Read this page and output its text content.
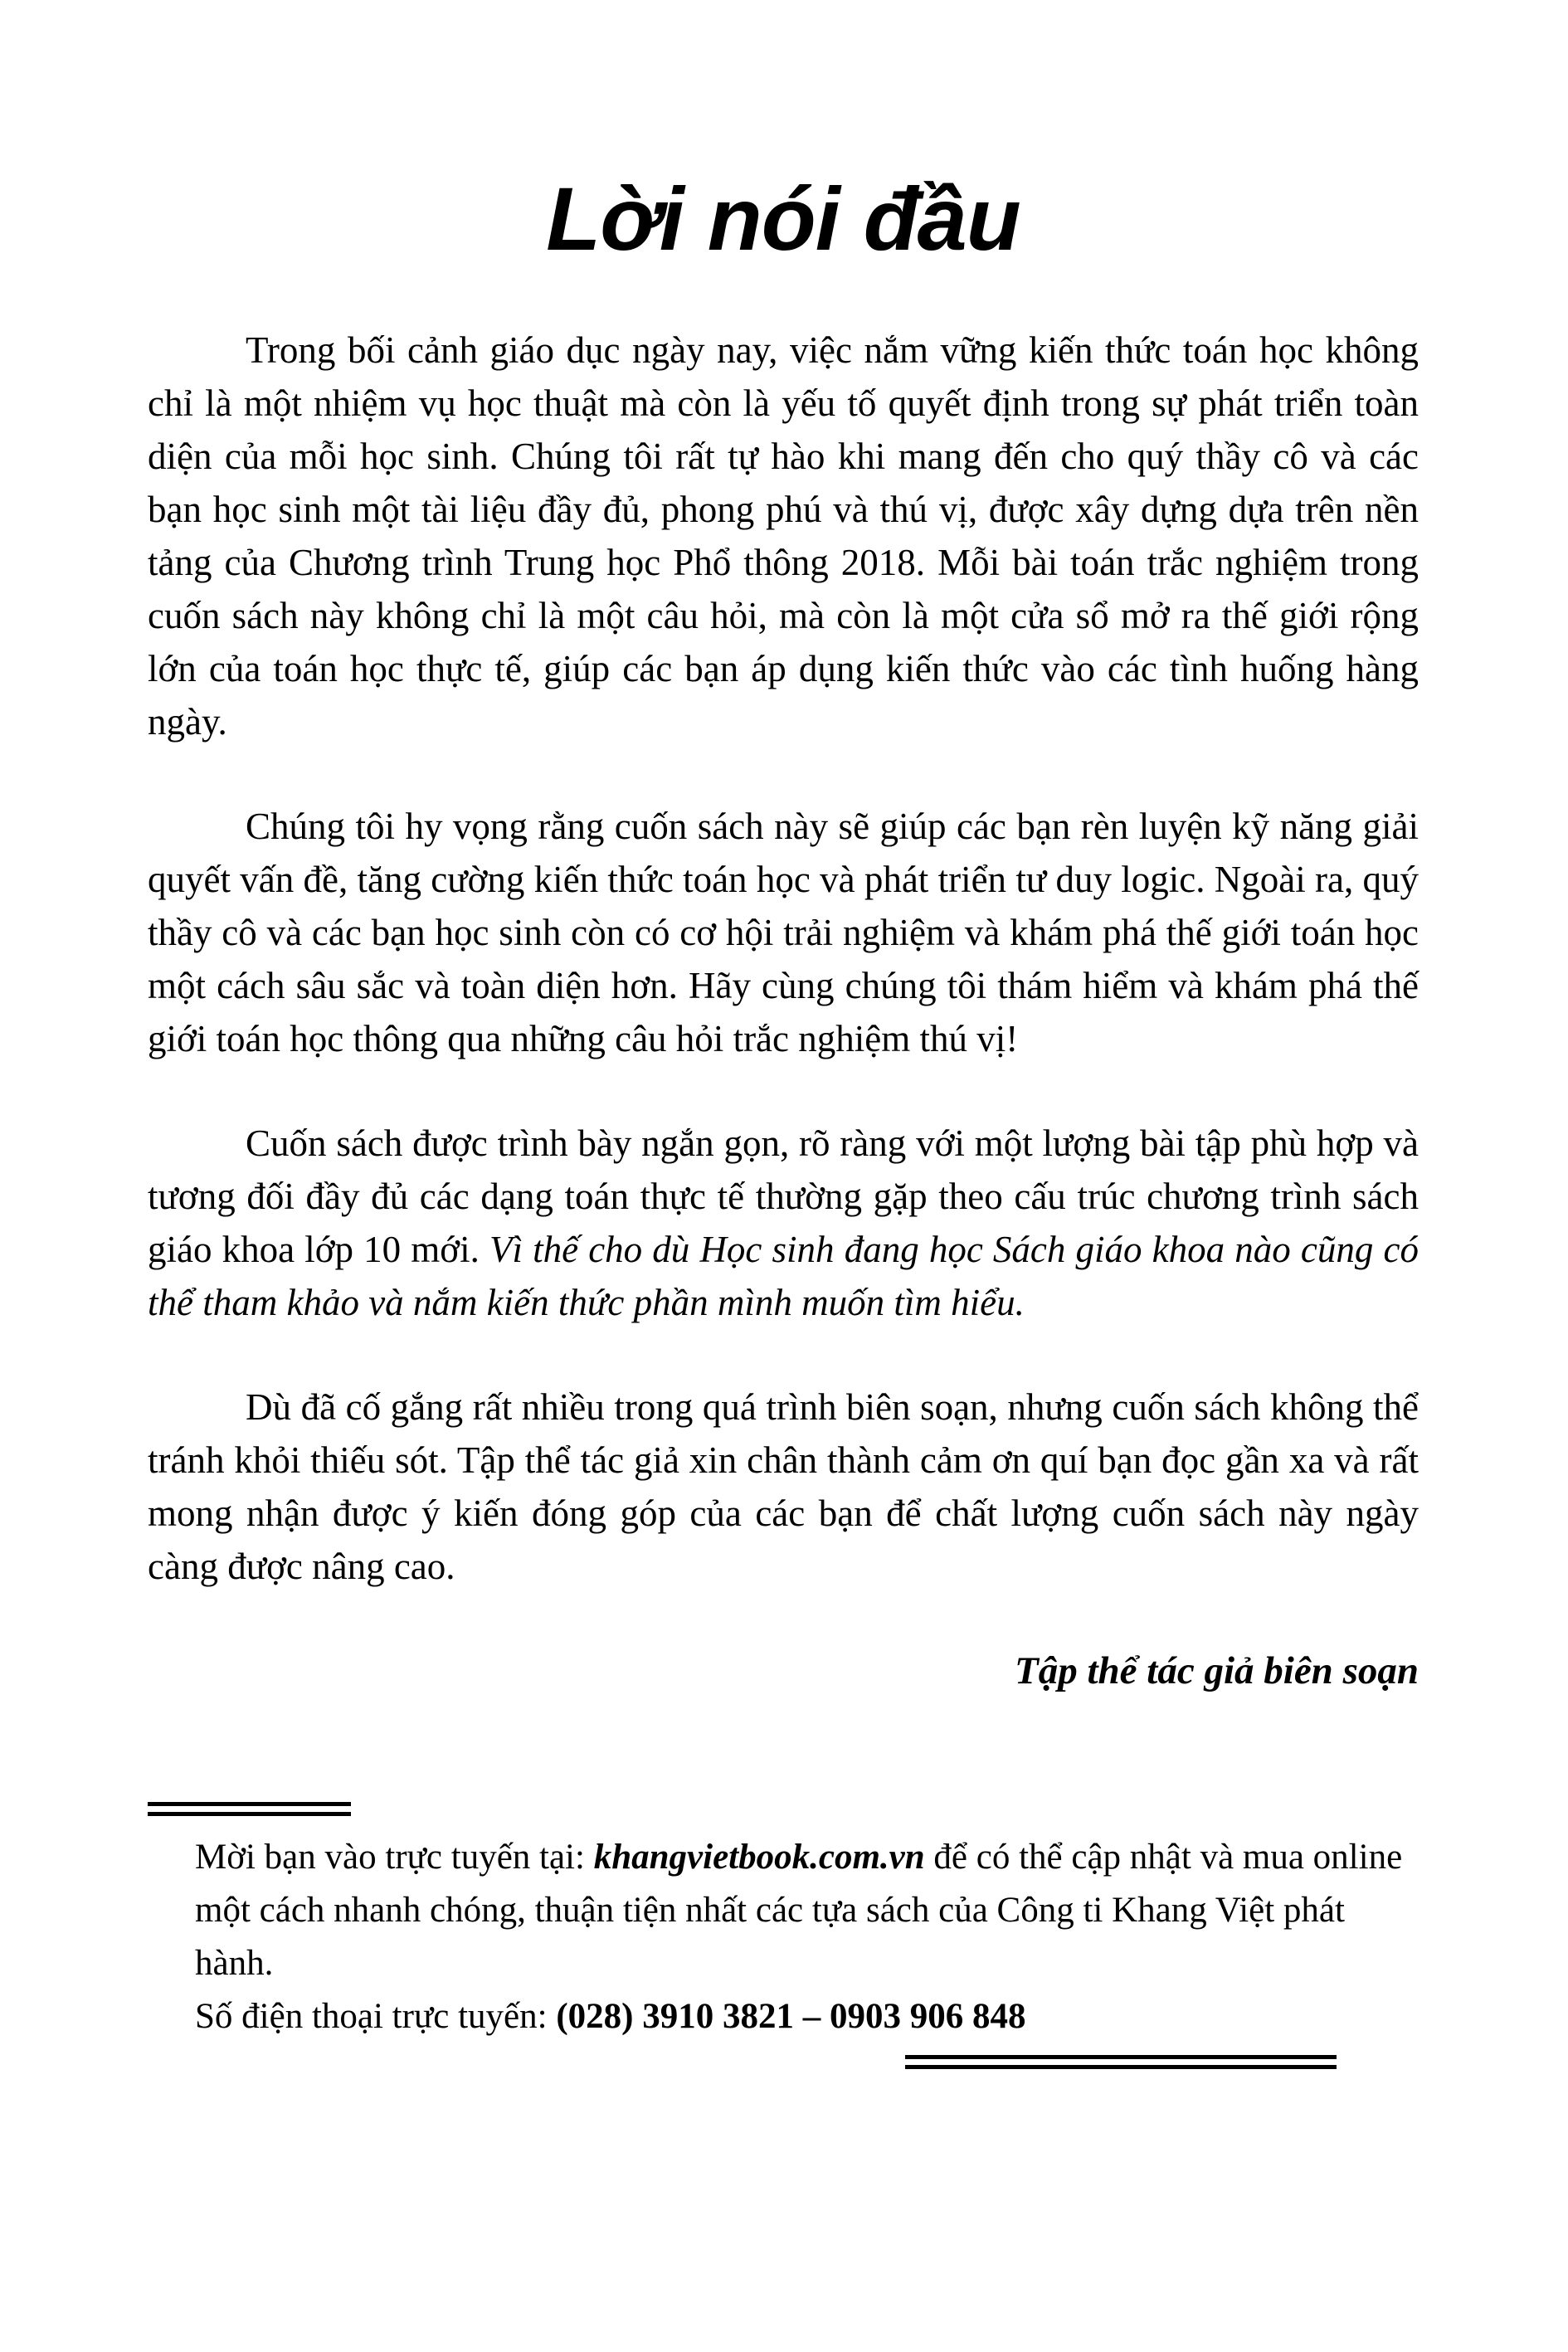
Lời nói đầu

Trong bối cảnh giáo dục ngày nay, việc nắm vững kiến thức toán học không chỉ là một nhiệm vụ học thuật mà còn là yếu tố quyết định trong sự phát triển toàn diện của mỗi học sinh. Chúng tôi rất tự hào khi mang đến cho quý thầy cô và các bạn học sinh một tài liệu đầy đủ, phong phú và thú vị, được xây dựng dựa trên nền tảng của Chương trình Trung học Phổ thông 2018. Mỗi bài toán trắc nghiệm trong cuốn sách này không chỉ là một câu hỏi, mà còn là một cửa sổ mở ra thế giới rộng lớn của toán học thực tế, giúp các bạn áp dụng kiến thức vào các tình huống hàng ngày.

Chúng tôi hy vọng rằng cuốn sách này sẽ giúp các bạn rèn luyện kỹ năng giải quyết vấn đề, tăng cường kiến thức toán học và phát triển tư duy logic. Ngoài ra, quý thầy cô và các bạn học sinh còn có cơ hội trải nghiệm và khám phá thế giới toán học một cách sâu sắc và toàn diện hơn. Hãy cùng chúng tôi thám hiểm và khám phá thế giới toán học thông qua những câu hỏi trắc nghiệm thú vị!

Cuốn sách được trình bày ngắn gọn, rõ ràng với một lượng bài tập phù hợp và tương đối đầy đủ các dạng toán thực tế thường gặp theo cấu trúc chương trình sách giáo khoa lớp 10 mới. Vì thế cho dù Học sinh đang học Sách giáo khoa nào cũng có thể tham khảo và nắm kiến thức phần mình muốn tìm hiểu.

Dù đã cố gắng rất nhiều trong quá trình biên soạn, nhưng cuốn sách không thể tránh khỏi thiếu sót. Tập thể tác giả xin chân thành cảm ơn quí bạn đọc gần xa và rất mong nhận được ý kiến đóng góp của các bạn để chất lượng cuốn sách này ngày càng được nâng cao.

Tập thể tác giả biên soạn

Mời bạn vào trực tuyến tại: khangvietbook.com.vn để có thể cập nhật và mua online một cách nhanh chóng, thuận tiện nhất các tựa sách của Công ti Khang Việt phát hành.

Số điện thoại trực tuyến: (028) 3910 3821 – 0903 906 848
